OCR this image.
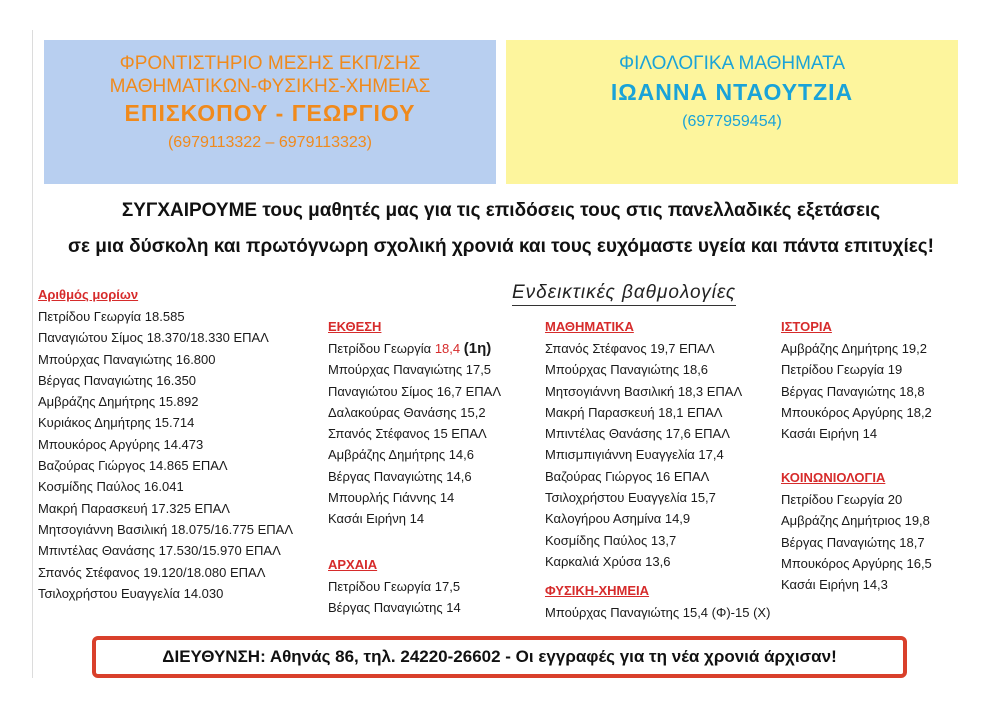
ΦΡΟΝΤΙΣΤΗΡΙΟ ΜΕΣΗΣ ΕΚΠ/ΣΗΣ
ΜΑΘΗΜΑΤΙΚΩΝ-ΦΥΣΙΚΗΣ-ΧΗΜΕΙΑΣ
ΕΠΙΣΚΟΠΟΥ - ΓΕΩΡΓΙΟΥ
(6979113322 – 6979113323)
ΦΙΛΟΛΟΓΙΚΑ ΜΑΘΗΜΑΤΑ
ΙΩΑΝΝΑ ΝΤΑΟΥΤΖΙΑ
(6977959454)
ΣΥΓΧΑΙΡΟΥΜΕ τους μαθητές μας για τις επιδόσεις τους στις πανελλαδικές εξετάσεις
σε μια δύσκολη και πρωτόγνωρη σχολική χρονιά και τους ευχόμαστε υγεία και πάντα επιτυχίες!
Ενδεικτικές βαθμολογίες
Αριθμός μορίων
Πετρίδου Γεωργία 18.585
Παναγιώτου Σίμος 18.370/18.330 ΕΠΑΛ
Μπούρχας Παναγιώτης 16.800
Βέργας Παναγιώτης 16.350
Αμβράζης Δημήτρης 15.892
Κυριάκος Δημήτρης 15.714
Μπουκόρος Αργύρης 14.473
Βαζούρας Γιώργος 14.865 ΕΠΑΛ
Κοσμίδης Παύλος 16.041
Μακρή Παρασκευή 17.325 ΕΠΑΛ
Μητσογιάννη Βασιλική 18.075/16.775 ΕΠΑΛ
Μπιντέλας Θανάσης 17.530/15.970 ΕΠΑΛ
Σπανός Στέφανος 19.120/18.080 ΕΠΑΛ
Τσιλοχρήστου Ευαγγελία 14.030
ΕΚΘΕΣΗ
Πετρίδου Γεωργία 18,4 (1η)
Μπούρχας Παναγιώτης 17,5
Παναγιώτου Σίμος 16,7 ΕΠΑΛ
Δαλακούρας Θανάσης 15,2
Σπανός Στέφανος 15 ΕΠΑΛ
Αμβράζης Δημήτρης 14,6
Βέργας Παναγιώτης 14,6
Μπουρλής Γιάννης 14
Κασάι Ειρήνη 14
ΑΡΧΑΙΑ
Πετρίδου Γεωργία 17,5
Βέργας Παναγιώτης 14
ΜΑΘΗΜΑΤΙΚΑ
Σπανός Στέφανος 19,7 ΕΠΑΛ
Μπούρχας Παναγιώτης 18,6
Μητσογιάννη Βασιλική 18,3 ΕΠΑΛ
Μακρή Παρασκευή 18,1 ΕΠΑΛ
Μπιντέλας Θανάσης 17,6 ΕΠΑΛ
Μπισμπιγιάννη Ευαγγελία 17,4
Βαζούρας Γιώργος 16 ΕΠΑΛ
Τσιλοχρήστου Ευαγγελία 15,7
Καλογήρου Ασημίνα 14,9
Κοσμίδης Παύλος 13,7
Καρκαλιά Χρύσα 13,6
ΦΥΣΙΚΗ-ΧΗΜΕΙΑ
Μπούρχας Παναγιώτης 15,4 (Φ)-15 (Χ)
ΙΣΤΟΡΙΑ
Αμβράζης Δημήτρης 19,2
Πετρίδου Γεωργία 19
Βέργας Παναγιώτης 18,8
Μπουκόρος Αργύρης 18,2
Κασάι Ειρήνη 14
ΚΟΙΝΩΝΙΟΛΟΓΙΑ
Πετρίδου Γεωργία 20
Αμβράζης Δημήτριος 19,8
Βέργας Παναγιώτης 18,7
Μπουκόρος Αργύρης 16,5
Κασάι Ειρήνη 14,3
ΔΙΕΥΘΥΝΣΗ: Αθηνάς 86, τηλ. 24220-26602 - Οι εγγραφές για τη νέα χρονιά άρχισαν!
